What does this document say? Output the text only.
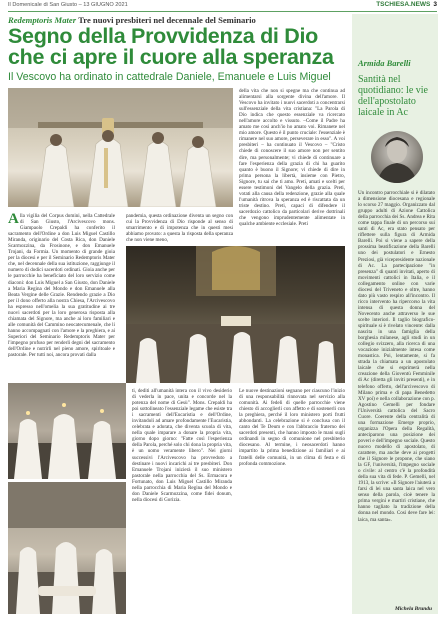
Il Domenicale di San Giusto – 13 GIUGNO 2021	TSCHIESA.NEWS 3
Redemptoris Mater Tre nuovi presbiteri nel decennale del Seminario
Segno della Provvidenza di Dio che ci apre il cuore alla speranza
Il Vescovo ha ordinato in cattedrale Daniele, Emanuele e Luis Miguel
Alla vigilia del Corpus domini, nella Cattedrale di San Giusto, l'Arcivescovo mons. Giampaolo Crepaldi ha conferito il sacramento dell'Ordine a don Luis Miguel Castillo Miranda, originario del Costa Rica, don Daniele Scarmozzina, da Frosinone, e don Emanuele Trojani, da Formia. Un momento di grande gioia per la diocesi e per il Seminario Redemptoris Mater che, nel decennale della sua istituzione, raggiunge il numero di dodici sacerdoti ordinati. Gioia anche per le parrocchie ha beneficiato del loro servizio come diaconi: don Luis Miguel a San Giusto, don Daniele a Maria Regina del Mondo e don Emanuele alla Beata Vergine delle Grazie. Rendendo grazie a Dio per il dono offerto alla nostra Chiesa, l'Arcivescovo ha espresso nell'omelia la sua gratitudine ai tre nuovi sacerdoti per la loro generosa risposta alla chiamata del Signore, ma anche ai loro familiari e alle comunità del Cammino neocatecumenale, che li hanno accompagnati con l'amore e la preghiera, e ai Superiori del Seminario Redemptoris Mater per l'impegno profuso per renderli degni del sacramento dell'Ordine e nutrirli nel pieno amore, spiritoale e pastorale. Per tutti noi, ancora provati dalla
pandemia, questa ordinazione diventa un segno con cui la Provvidenza di Dio risponde al senso di smarrimento e di impotenza che in questi mesi abbiamo provato: a questa la risposta della speranza che non viene meno,
della vita che non si spegne ma che continua ad alimentarsi alla sorgente divina dell'amore. Il Vescovo ha invitato i nuovi sacerdoti a concentrarsi sull'essenziale della vita cristiana: "La Parola di Dio indica che questo essenziale va ricercato nell'amore accolto e vissuto. –Come il Padre ha amato me così anch'io ho amato voi. Rimanete nel mio amore. Questo è il punto cruciale: l'essenziale è rimanere nel suo amore, perseverare in esso". A voi presbiteri – ha continuato il Vescovo – "Cristo chiede di conoscere il suo amore non per sentito dire, ma personalmente; vi chiede di continuare a fare l'esperienza della grazia di chi ha guarito quanto è buono il Signore; vi chiede di dire in prima persona la libertà, insieme con Pietro, Signore, tu sai che ti amo. Preti, amati e scelti per essere testimoni del Vangelo della grazia. Preti, votati alla causa della redenzione, grazie alla quale l'umanità ritrova la speranza ed è riscattata da un triste destino. Preti, capaci di difendere il sacerdozio cattolico da particolari derive dottrinali che vengono imprudentemente alimentate in qualche ambiente ecclesiale. Preti
ti, dediti all'umanità intera con il vivo desiderio di vederla in pace, unita e concorde nel la potenza del nome di Gesù". Mons. Crepaldi ha poi sottolineato l'essenziale legame che esiste tra i sacramenti dell'Eucaristia e dell'Ordine, invitandoli ad amare profondamente l'Eucaristia, celebrata e adorata, che diventa scuola di vita, nella quale imparare a donare la propria vita, giorno dopo giorno: "Fatte così l'esperienza della Parola, perché solo chi dona la propria vita, è un uomo veramente libero". Nei giorni successivi l'Arcivescovo ha provveduto a destinare i nuovi incarichi ai tre presbiteri. Don Emanuele Trojani inizierà il suo ministero pastorale nella parrocchia del Ss. Ermacora e Fortunato, don Luis Miguel Castillo Miranda nella parrocchia di Maria Regina del Mondo e don Daniele Scarmozzina, come fidei donum, nella diocesi di Gorizia.
Le nuove destinazioni segnano per ciascuno l'inizio di una responsabilità rinnovata nel servizio alla comunità. Ai fedeli di quelle parrocchie viene chiesto di accoglierli con affetto e di sostenerli con la preghiera, perché il loro ministero porti frutti abbondanti. La celebrazione si è conclusa con il canto del Te Deum e con l'abbraccio fraterno dei sacerdoti presenti, che hanno imposto le mani sugli ordinandi in segno di comunione nel presbiterio diocesano. Al termine, i neosacerdoti hanno impartito la prima benedizione ai familiari e ai fratelli delle comunità, in un clima di festa e di profonda commozione.
Armida Barelli
Santità nel quotidiano: le vie dell'apostolato laicale in Ac
Un incontro parrocchiale si è dilatato a dimensione diocesana e regionale lo scorso 27 maggio. Organizzato dal gruppo adulti di Azione Cattolica della parrocchia dei Ss. Andrea e Rita come tappa finale di un percorso sui santi di Ac, era stato pensato per riflettere sulla figura di Armida Barelli. Poi si viene a sapere della prossima beatificazione della Barelli uno dei postulatori e Ernesto Preziosi, già vicepresidente nazionale di Ac. La partecipazione "in presenza" di quanti invitati, aperto di movimenti cattolici in Italia, e il collegamento online con varie diocesi del Triveneto e oltre, hanno dato più vasto respiro all'incontro. Il ricco intervento ha ripercorso la vita intensa di questa donna del Novecento anche attraverso le sue scelte interiori. Il taglio biografico-spirituale si è rivelato vincente: dalla nascita in una famiglia della borghesia milanese, agli studi in un collegio svizzero, alla ricerca di una vocazione inizialmente intesa come monastica. Poi, lentamente, si fa strada la chiamata a un apostolato laicale che si esprimerà nella creazione della Gioventù Femminile di Ac (diretta gli inviti presenti), e in telefono offerto, dell'arcivescovo di Milano prima e di papa Benedetto XV poi) e nella collaborazione con p. Agostino Gemelli per fondare l'Università cattolica del Sacro Cuore. Coerente della centralità di una formazione Emerge proprio, organizza l'Opera della Regalità, anteciparono una posizione dei poveri e dell'impegno sociale. Questo nuovo modello di apostolato, di carattere, ma anche deve ai progetti che il Signore le propone, che siano la GF, l'università, l'impegno sociale o civile: al centro c'è la profondità della sua vita di fede. P. Gemelli, nel 1913, la scrive: «Il Signore l'aiuterà a farsi di lei una santa laica nel vero senso della parola, cioè tenere la prima vergini e martiri cristiane, che hanno tagliato la tradizione della donna nel mondo. Così deve fare lei: laica, ma santa».
Michela Brundu
